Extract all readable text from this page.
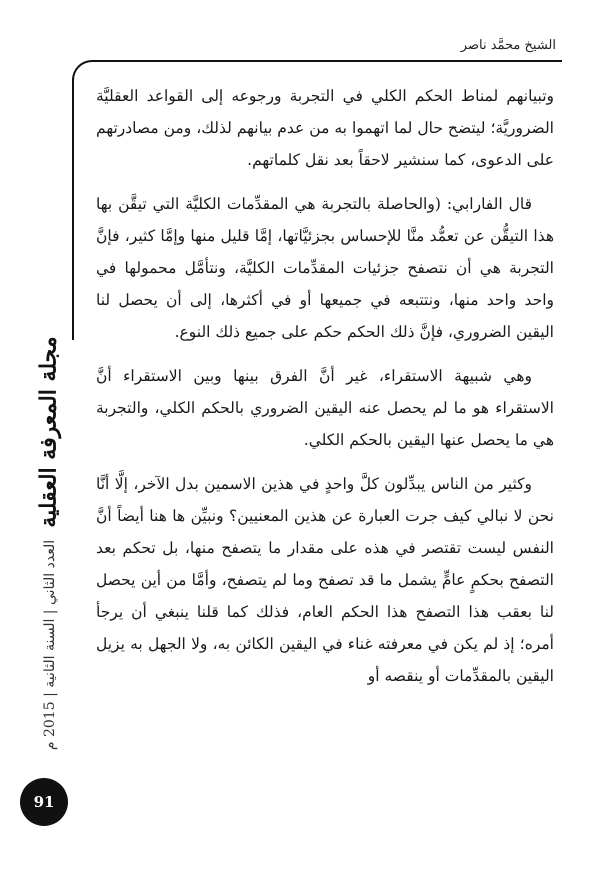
الشيخ محمَّد ناصر

وتبيانهم لمناط الحكم الكلي في التجربة ورجوعه إلى القواعد العقليَّة الضروريَّة؛ ليتضح حال لما اتهموا به من عدم بيانهم لذلك، ومن مصادرتهم على الدعوى، كما سنشير لاحقاً بعد نقل كلماتهم.

قال الفارابي: (والحاصلة بالتجربة هي المقدِّمات الكليَّة التي تيقَّن بها هذا التيقُّن عن تعمُّد منَّا للإحساس بجزئيَّاتها، إمَّا قليل منها وإمَّا كثير، فإنَّ التجربة هي أن نتصفح جزئيات المقدِّمات الكليَّة، ونتأمَّل محمولها في واحد واحد منها، ونتتبعه في جميعها أو في أكثرها، إلى أن يحصل لنا اليقين الضروري، فإنَّ ذلك الحكم حكم على جميع ذلك النوع.

وهي شبيهة الاستقراء، غير أنَّ الفرق بينها وبين الاستقراء أنَّ الاستقراء هو ما لم يحصل عنه اليقين الضروري بالحكم الكلي، والتجربة هي ما يحصل عنها اليقين بالحكم الكلي.

وكثير من الناس يبدِّلون كلَّ واحدٍ في هذين الاسمين بدل الآخر، إلَّا أنَّا نحن لا نبالي كيف جرت العبارة عن هذين المعنيين؟ ونبيِّن ها هنا أيضاً أنَّ النفس ليست تقتصر في هذه على مقدار ما يتصفح منها، بل تحكم بعد التصفح بحكمٍ عامٍّ يشمل ما قد تصفح وما لم يتصفح، وأمَّا من أين يحصل لنا بعقب هذا التصفح هذا الحكم العام، فذلك كما قلنا ينبغي أن يرجأ أمره؛ إذ لم يكن في معرفته غناء في اليقين الكائن به، ولا الجهل به يزيل اليقين بالمقدِّمات أو ينقصه أو

مجلة المعرفة العقلية
العدد الثاني | السنة الثانية | 2015 م
91
